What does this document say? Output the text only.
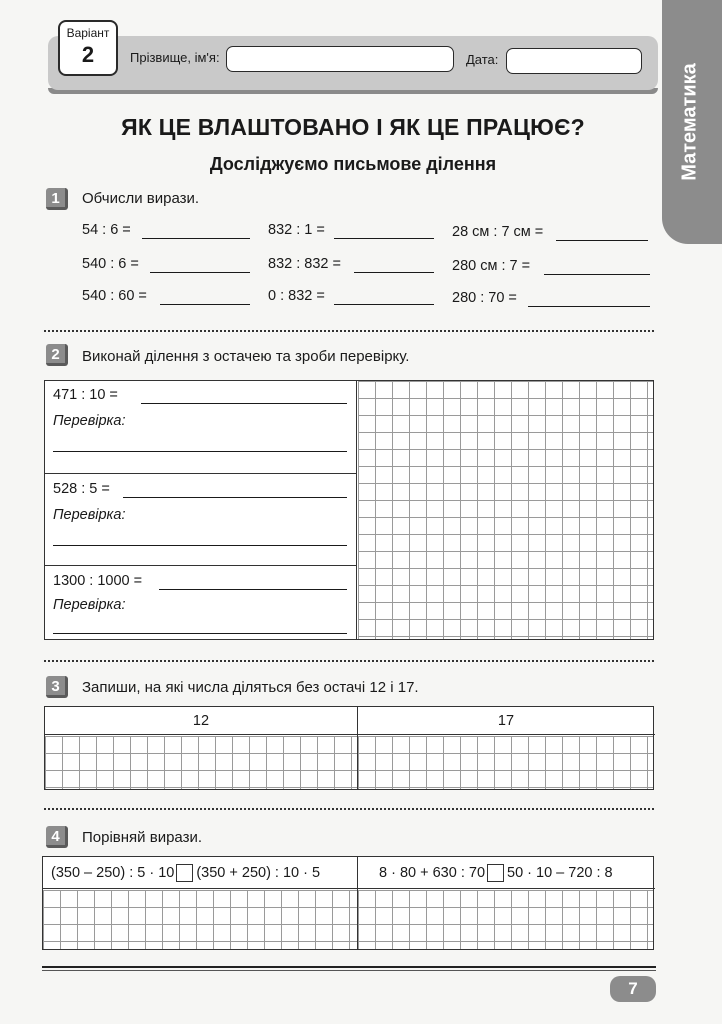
Варіант
2	Прізвище, ім'я:	Дата:
Математика
ЯК ЦЕ ВЛАШТОВАНО І ЯК ЦЕ ПРАЦЮЄ?
Досліджуємо письмове ділення
1	Обчисли вирази.
54 : 6 =	832 : 1 =	28 см : 7 см =
540 : 6 =	832 : 832 =	280 см : 7 =
540 : 60 =	0 : 832 =	280 : 70 =
2	Виконай ділення з остачею та зроби перевірку.
471 : 10 =
Перевірка:
528 : 5 =
Перевірка:
1300 : 1000 =
Перевірка:
3	Запиши, на які числа діляться без остачі 12 і 17.
12	17
4	Порівняй вирази.
(350 – 250) : 5 · 10 (350 + 250) : 10 · 5	8 · 80 + 630 : 70 50 · 10 – 720 : 8
7
